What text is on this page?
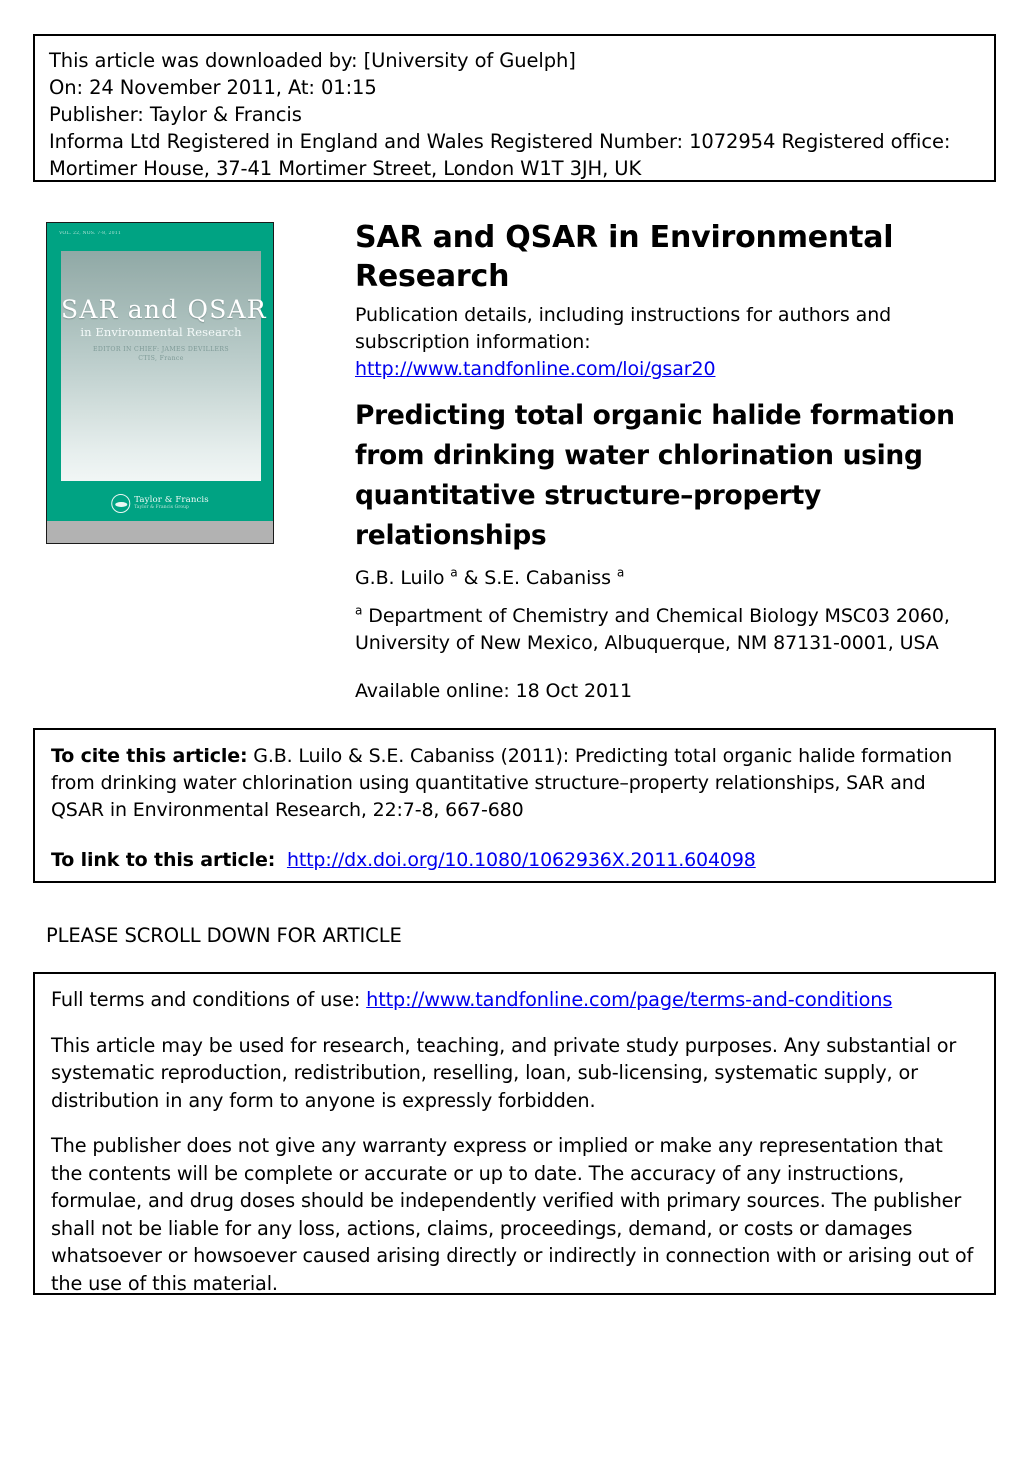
This article was downloaded by: [University of Guelph]
On: 24 November 2011, At: 01:15
Publisher: Taylor & Francis
Informa Ltd Registered in England and Wales Registered Number: 1072954 Registered office: Mortimer House, 37-41 Mortimer Street, London W1T 3JH, UK
VOL. 22, NOS. 7-8, 2011
SAR and QSAR
in Environmental Research
EDITOR IN CHIEF: JAMES DEVILLERS
CTIS, France
Taylor & Francis
Taylor & Francis Group
SAR and QSAR in Environmental Research
Publication details, including instructions for authors and subscription information:
http://www.tandfonline.com/loi/gsar20
Predicting total organic halide formation from drinking water chlorination using quantitative structure–property relationships
G.B. Luilo $^a$ & S.E. Cabaniss $^a$
$^a$ Department of Chemistry and Chemical Biology MSC03 2060, University of New Mexico, Albuquerque, NM 87131-0001, USA
Available online: 18 Oct 2011
To cite this article: G.B. Luilo & S.E. Cabaniss (2011): Predicting total organic halide formation from drinking water chlorination using quantitative structure–property relationships, SAR and QSAR in Environmental Research, 22:7-8, 667-680
To link to this article: http://dx.doi.org/10.1080/1062936X.2011.604098
PLEASE SCROLL DOWN FOR ARTICLE
Full terms and conditions of use: http://www.tandfonline.com/page/terms-and-conditions
This article may be used for research, teaching, and private study purposes. Any substantial or systematic reproduction, redistribution, reselling, loan, sub-licensing, systematic supply, or distribution in any form to anyone is expressly forbidden.
The publisher does not give any warranty express or implied or make any representation that the contents will be complete or accurate or up to date. The accuracy of any instructions, formulae, and drug doses should be independently verified with primary sources. The publisher shall not be liable for any loss, actions, claims, proceedings, demand, or costs or damages whatsoever or howsoever caused arising directly or indirectly in connection with or arising out of the use of this material.
